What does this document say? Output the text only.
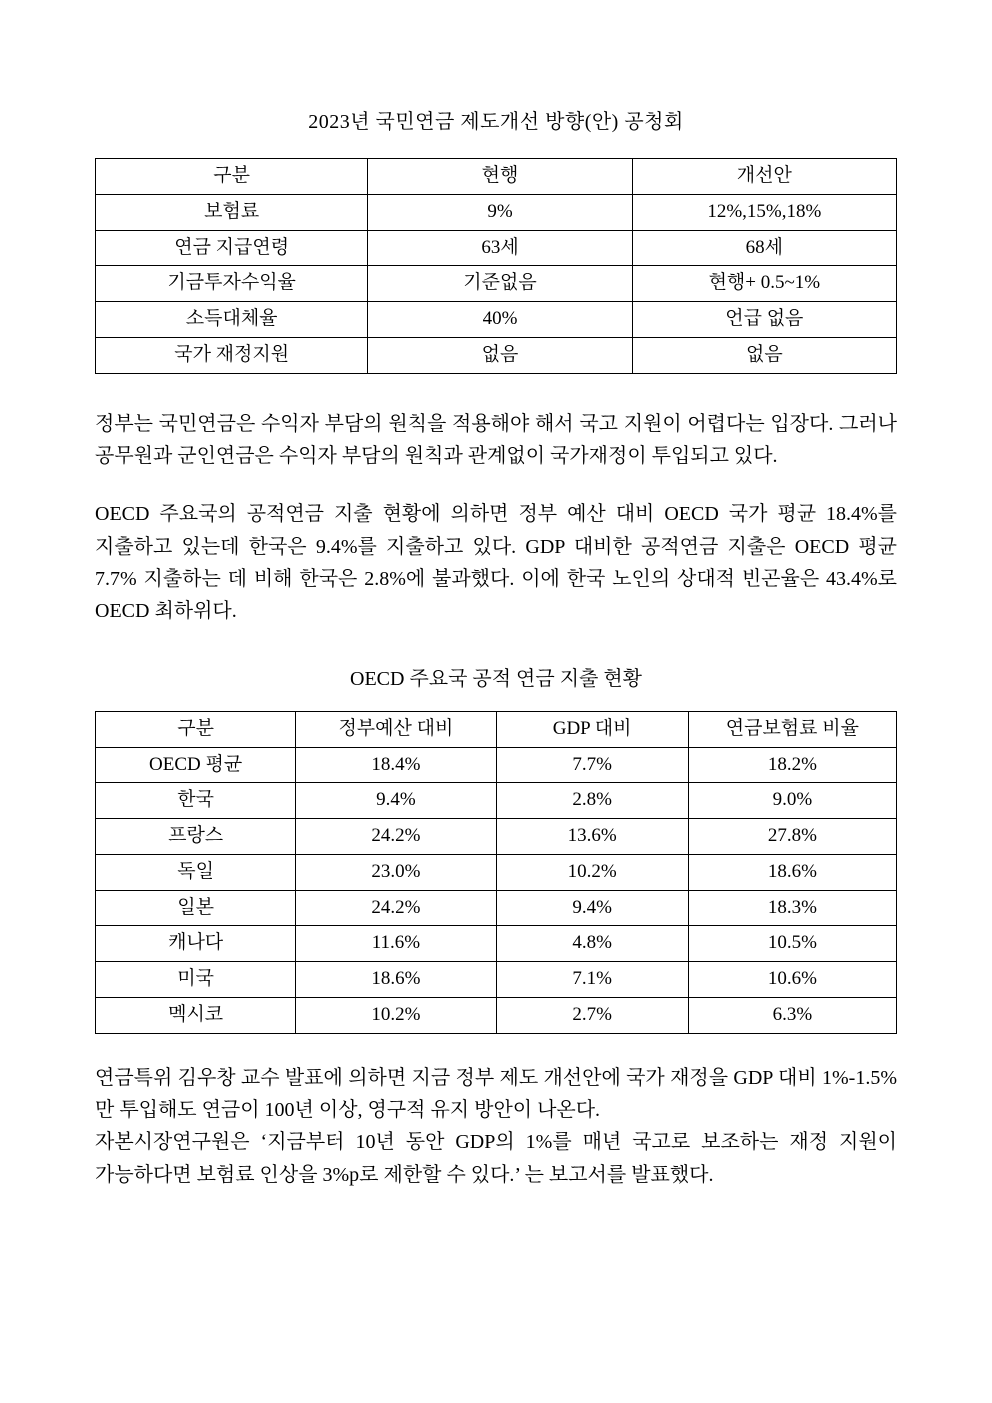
2023년 국민연금 제도개선 방향(안) 공청회
구분	현행	개선안
보험료	9%	12%,15%,18%
연금 지급연령	63세	68세
기금투자수익율	기준없음	현행+ 0.5~1%
소득대체율	40%	언급 없음
국가 재정지원	없음	없음

정부는 국민연금은 수익자 부담의 원칙을 적용해야 해서 국고 지원이 어렵다는 입장다. 그러나 공무원과 군인연금은 수익자 부담의 원칙과 관계없이 국가재정이 투입되고 있다.

OECD 주요국의 공적연금 지출 현황에 의하면 정부 예산 대비 OECD 국가 평균 18.4%를 지출하고 있는데 한국은 9.4%를 지출하고 있다. GDP 대비한 공적연금 지출은 OECD 평균 7.7% 지출하는 데 비해 한국은 2.8%에 불과했다. 이에 한국 노인의 상대적 빈곤율은 43.4%로 OECD 최하위다.

OECD 주요국 공적 연금 지출 현황
구분	정부예산 대비	GDP 대비	연금보험료 비율
OECD 평균	18.4%	7.7%	18.2%
한국	9.4%	2.8%	9.0%
프랑스	24.2%	13.6%	27.8%
독일	23.0%	10.2%	18.6%
일본	24.2%	9.4%	18.3%
캐나다	11.6%	4.8%	10.5%
미국	18.6%	7.1%	10.6%
멕시코	10.2%	2.7%	6.3%

연금특위 김우창 교수 발표에 의하면 지금 정부 제도 개선안에 국가 재정을 GDP 대비 1%-1.5%만 투입해도 연금이 100년 이상, 영구적 유지 방안이 나온다.

자본시장연구원은 ‘지금부터 10년 동안 GDP의 1%를 매년 국고로 보조하는 재정 지원이 가능하다면 보험료 인상을 3%p로 제한할 수 있다.’ 는 보고서를 발표했다.
